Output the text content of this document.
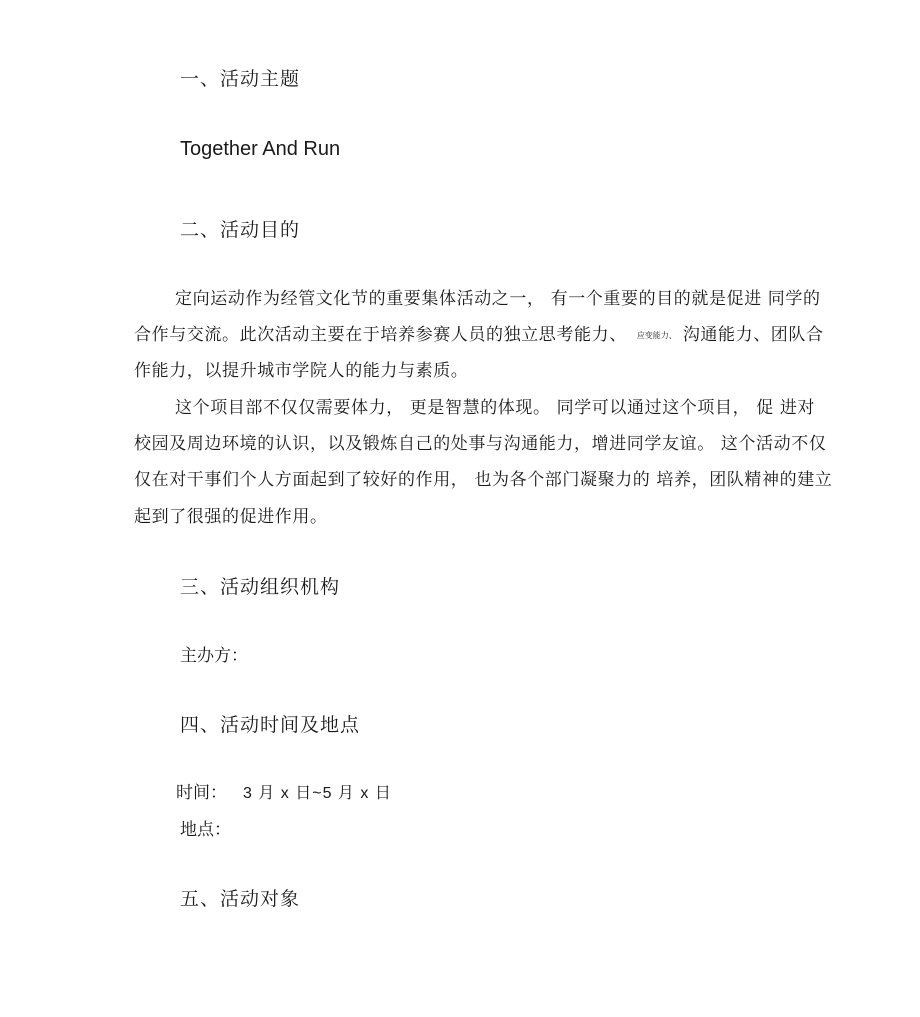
一、活动主题
Together And Run
二、活动目的
定向运动作为经管文化节的重要集体活动之一， 有一个重要的目的就是促进 同学的
合作与交流。此次活动主要在于培养参赛人员的独立思考能力、 应变能力、 沟通能力、团队合
作能力，以提升城市学院人的能力与素质。
这个项目部不仅仅需要体力， 更是智慧的体现。 同学可以通过这个项目， 促 进对
校园及周边环境的认识，以及锻炼自己的处事与沟通能力，增进同学友谊。 这个活动不仅
仅在对干事们个人方面起到了较好的作用， 也为各个部门凝聚力的 培养，团队精神的建立
起到了很强的促进作用。
三、活动组织机构
主办方：
四、活动时间及地点
时间： 3 月 x 日~5 月 x 日
地点：
五、活动对象
